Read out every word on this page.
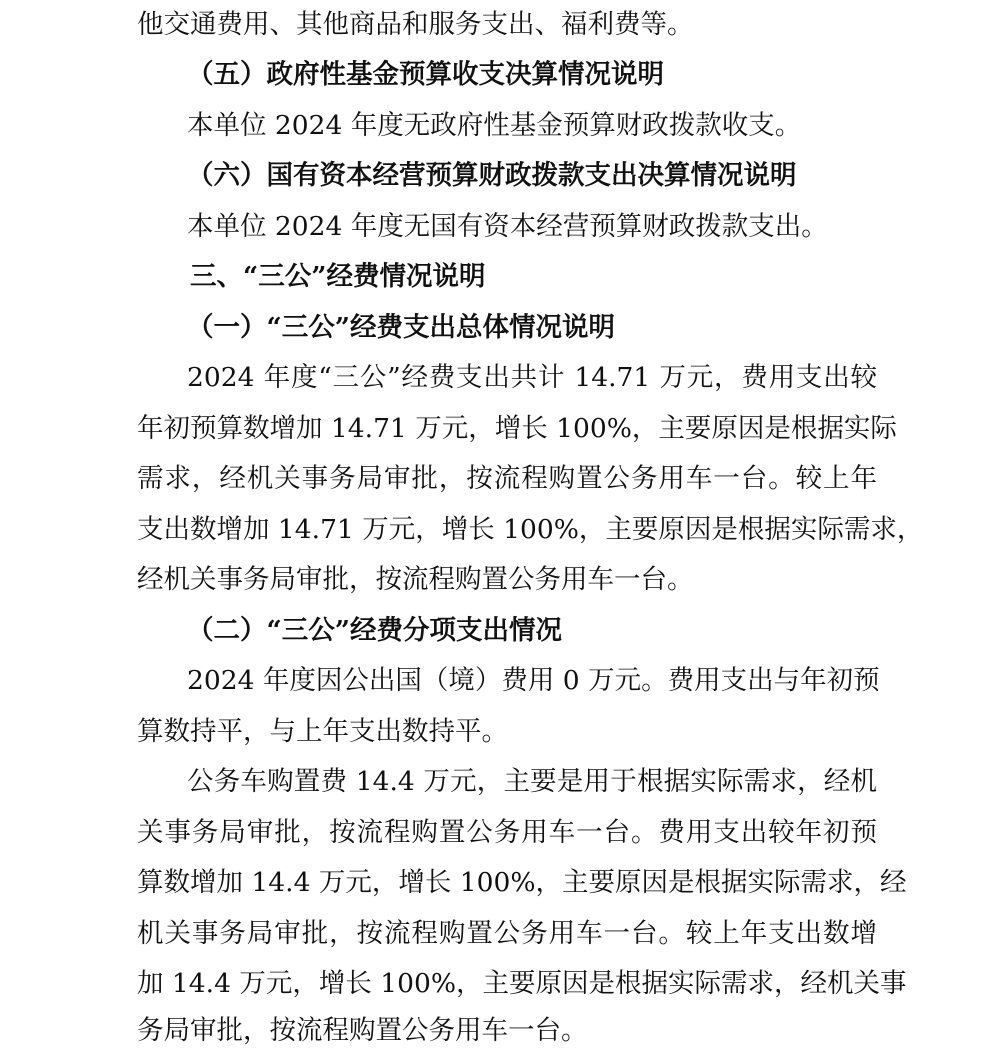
他交通费用、其他商品和服务支出、福利费等。
（五）政府性基金预算收支决算情况说明
本单位 2024 年度无政府性基金预算财政拨款收支。
（六）国有资本经营预算财政拨款支出决算情况说明
本单位 2024 年度无国有资本经营预算财政拨款支出。
三、“三公”经费情况说明
（一）“三公”经费支出总体情况说明
2024 年度“三公”经费支出共计 14.71 万元，费用支出较
年初预算数增加 14.71 万元，增长 100%，主要原因是根据实际
需求，经机关事务局审批，按流程购置公务用车一台。较上年
支出数增加 14.71 万元，增长 100%，主要原因是根据实际需求，
经机关事务局审批，按流程购置公务用车一台。
（二）“三公”经费分项支出情况
2024 年度因公出国（境）费用 0 万元。费用支出与年初预
算数持平，与上年支出数持平。
公务车购置费 14.4 万元，主要是用于根据实际需求，经机
关事务局审批，按流程购置公务用车一台。费用支出较年初预
算数增加 14.4 万元，增长 100%，主要原因是根据实际需求，经
机关事务局审批，按流程购置公务用车一台。较上年支出数增
加 14.4 万元，增长 100%，主要原因是根据实际需求，经机关事
务局审批，按流程购置公务用车一台。
